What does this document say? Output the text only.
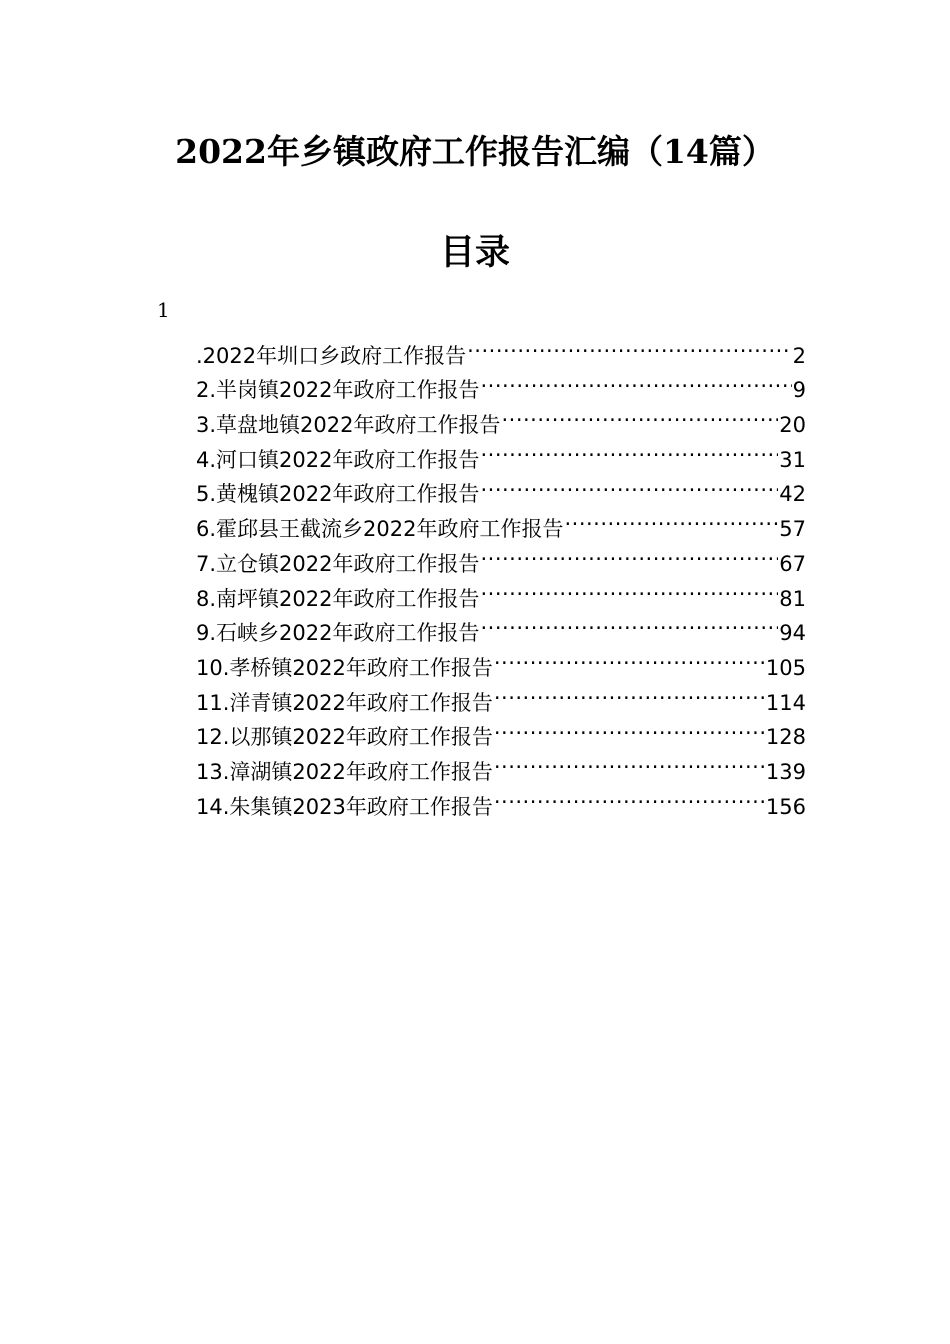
2022年乡镇政府工作报告汇编（14篇）
目录
1
.2022年圳口乡政府工作报告 .....	2
2.半岗镇2022年政府工作报告 .....	9
3.草盘地镇2022年政府工作报告 .....	20
4.河口镇2022年政府工作报告 .....	31
5.黄槐镇2022年政府工作报告 .....	42
6.霍邱县王截流乡2022年政府工作报告 .....	57
7.立仓镇2022年政府工作报告 .....	67
8.南坪镇2022年政府工作报告 .....	81
9.石峡乡2022年政府工作报告 .....	94
10.孝桥镇2022年政府工作报告 .....	105
11.洋青镇2022年政府工作报告 .....	114
12.以那镇2022年政府工作报告 .....	128
13.漳湖镇2022年政府工作报告 .....	139
14.朱集镇2023年政府工作报告 .....	156
